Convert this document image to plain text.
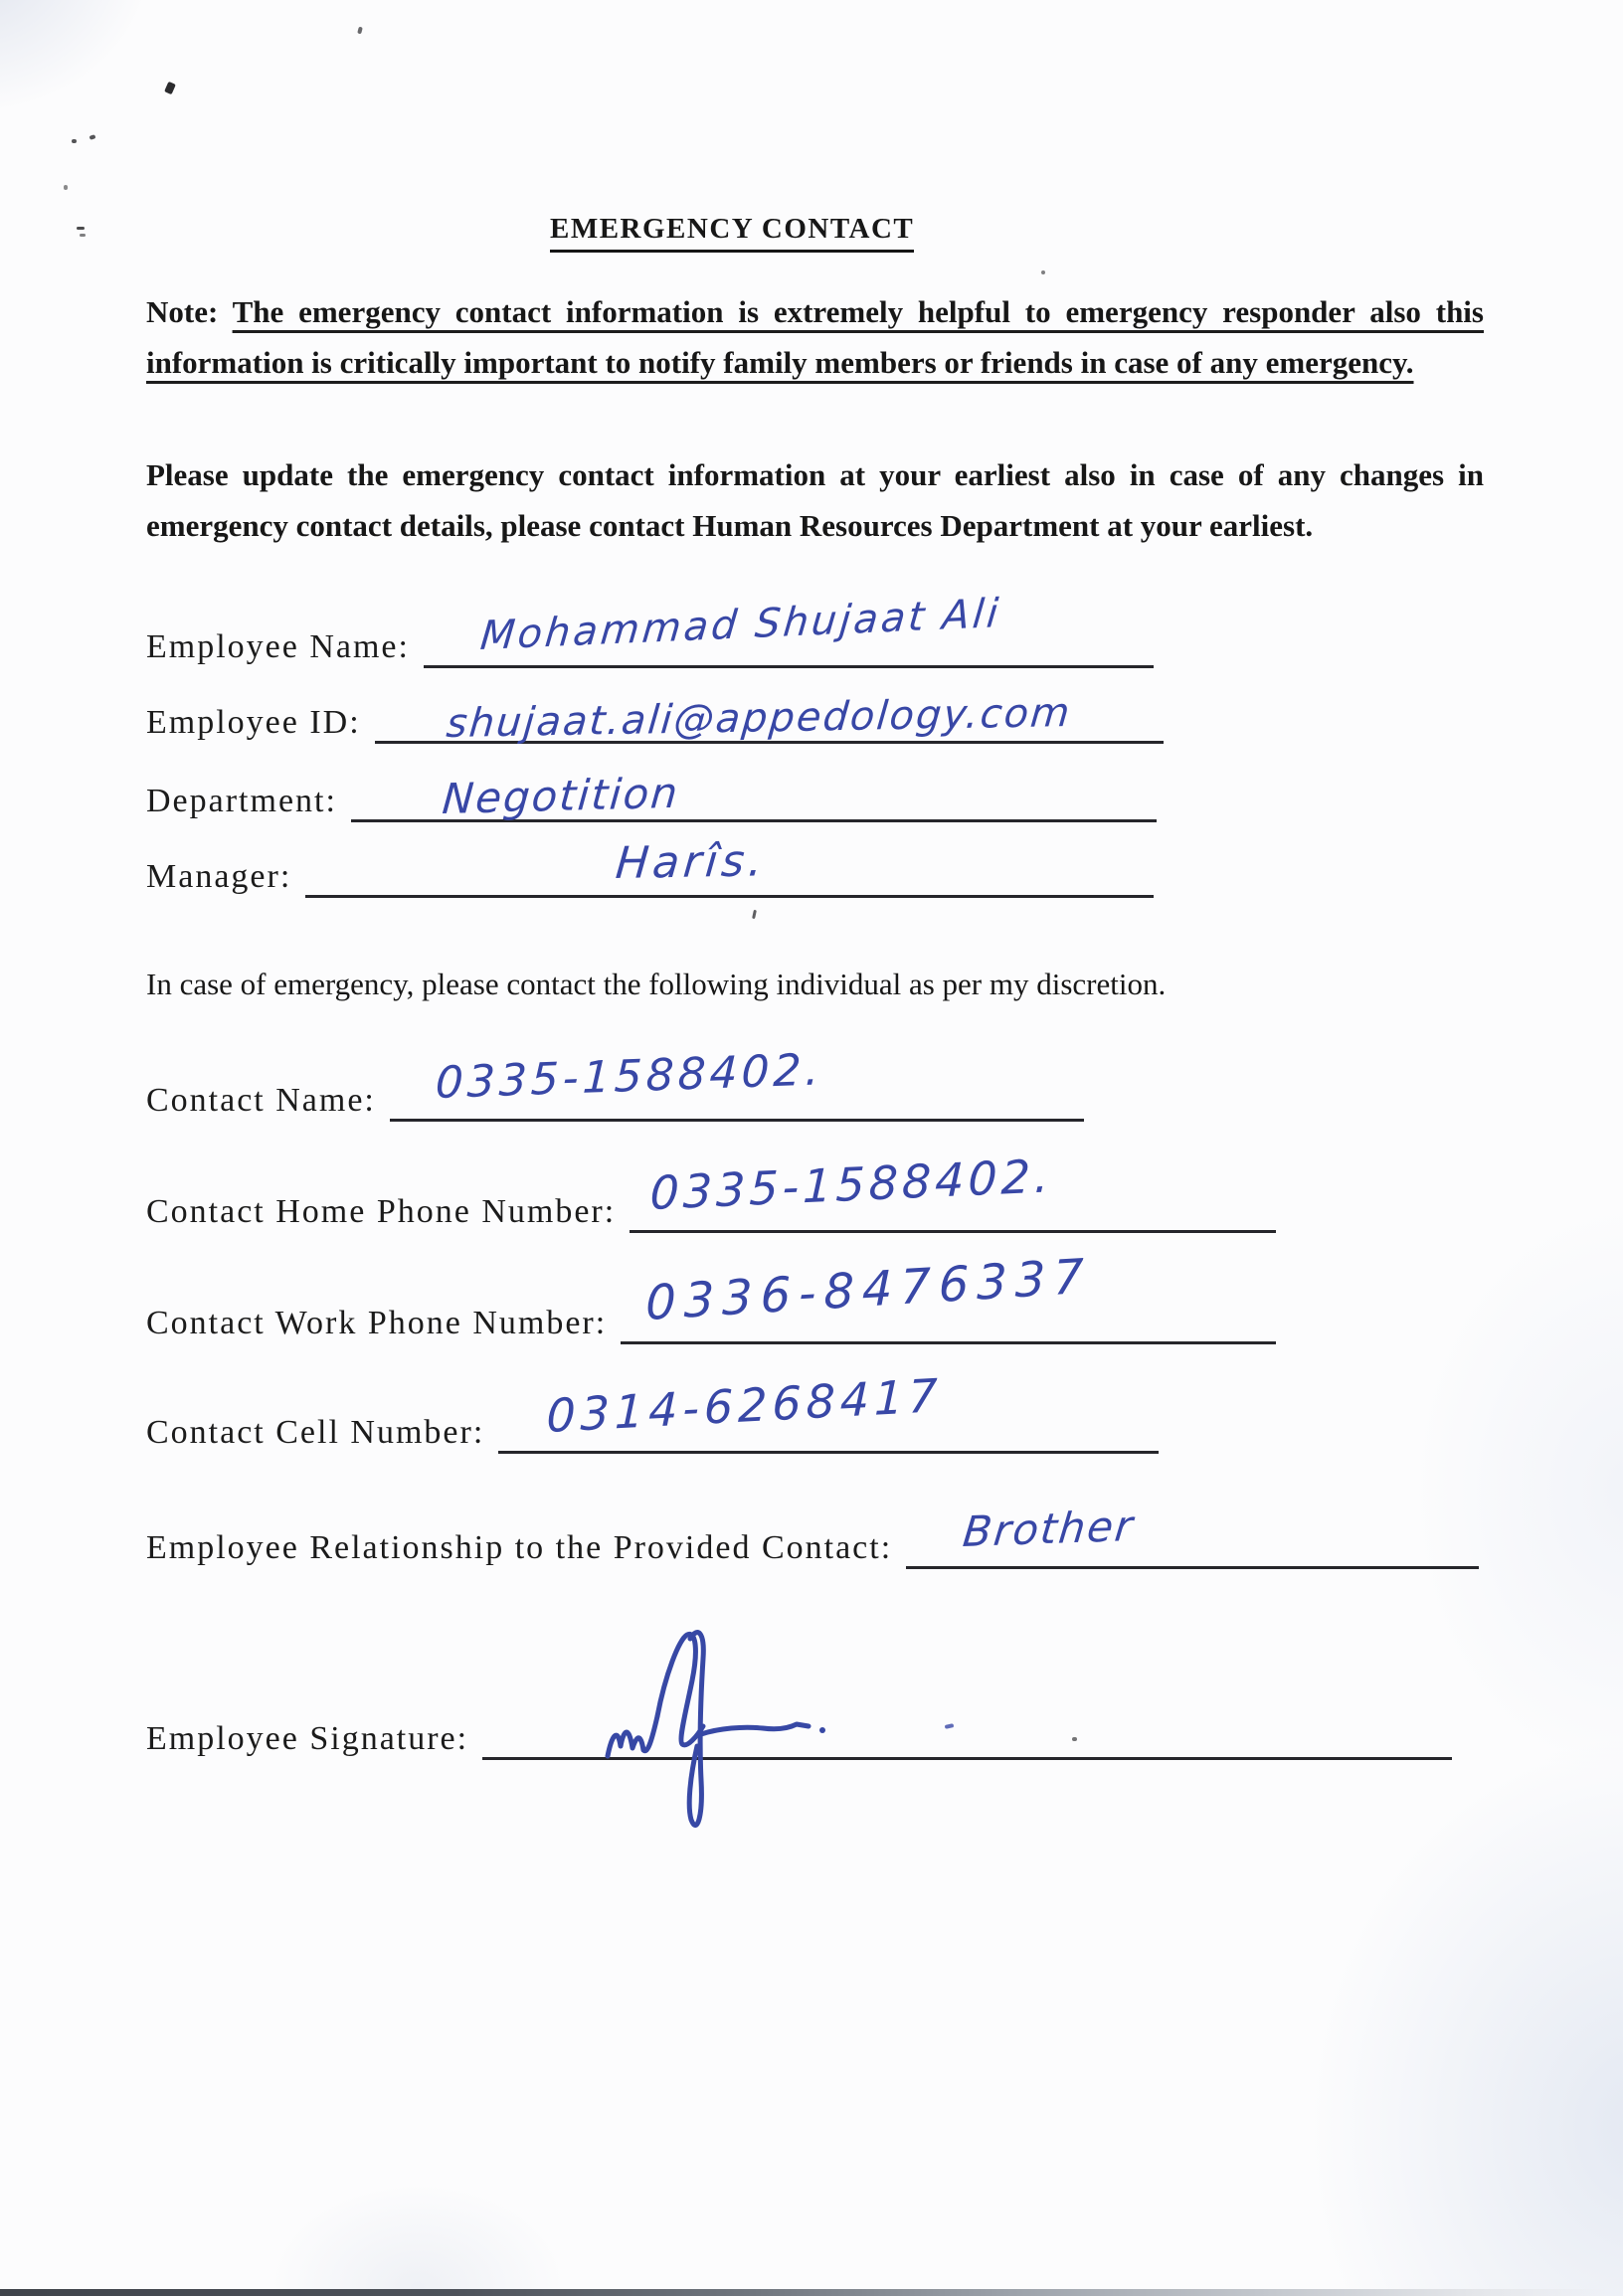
EMERGENCY CONTACT

Note: The emergency contact information is extremely helpful to emergency responder also this information is critically important to notify family members or friends in case of any emergency.

Please update the emergency contact information at your earliest also in case of any changes in emergency contact details, please contact Human Resources Department at your earliest.

Employee Name: Mohammad Shujaat Ali
Employee ID: shujaat.ali@appedology.com
Department: Negotition
Manager:	Harîs.

In case of emergency, please contact the following individual as per my discretion.

Contact Name: 0335-1588402.
Contact Home Phone Number: 0335-1588402.
Contact Work Phone Number: 0336-8476337
Contact Cell Number: 0314-6268417
Employee Relationship to the Provided Contact: Brother
Employee Signature:
